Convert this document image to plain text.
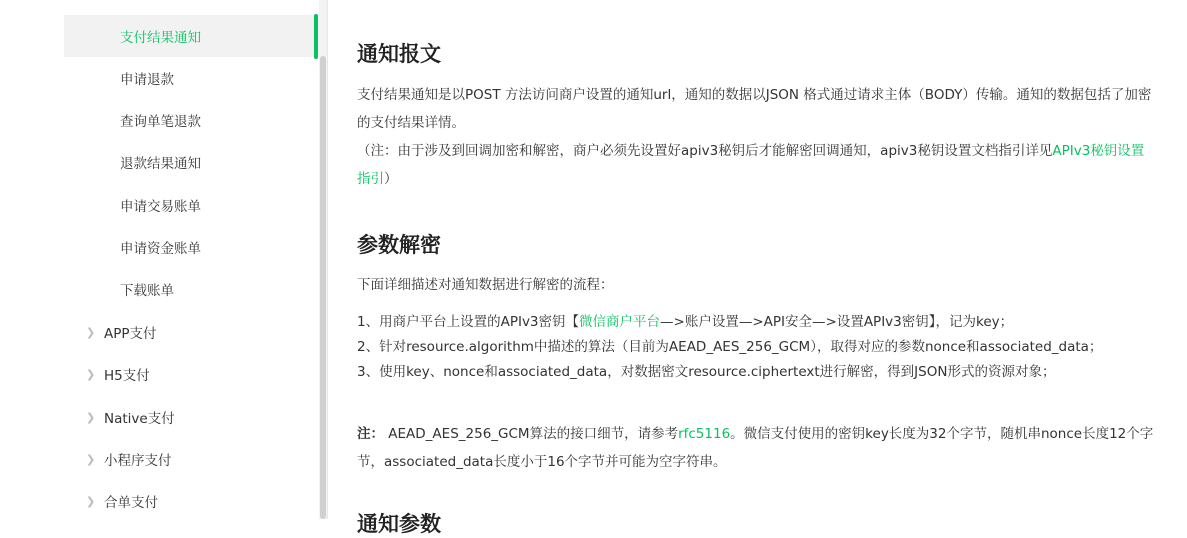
支付结果通知
申请退款
查询单笔退款
退款结果通知
申请交易账单
申请资金账单
下载账单
❯ APP支付
❯ H5支付
❯ Native支付
❯ 小程序支付
❯ 合单支付
通知报文

支付结果通知是以POST 方法访问商户设置的通知url，通知的数据以JSON 格式通过请求主体（BODY）传输。通知的数据包括了加密的支付结果详情。

（注：由于涉及到回调加密和解密，商户必须先设置好apiv3秘钥后才能解密回调通知，apiv3秘钥设置文档指引详见APIv3秘钥设置指引）

参数解密

下面详细描述对通知数据进行解密的流程：

1、用商户平台上设置的APIv3密钥【微信商户平台—>账户设置—>API安全—>设置APIv3密钥】，记为key；

2、针对resource.algorithm中描述的算法（目前为AEAD_AES_256_GCM），取得对应的参数nonce和associated_data；

3、使用key、nonce和associated_data，对数据密文resource.ciphertext进行解密，得到JSON形式的资源对象；

注： AEAD_AES_256_GCM算法的接口细节，请参考rfc5116。微信支付使用的密钥key长度为32个字节，随机串nonce长度12个字节，associated_data长度小于16个字节并可能为空字符串。

通知参数
